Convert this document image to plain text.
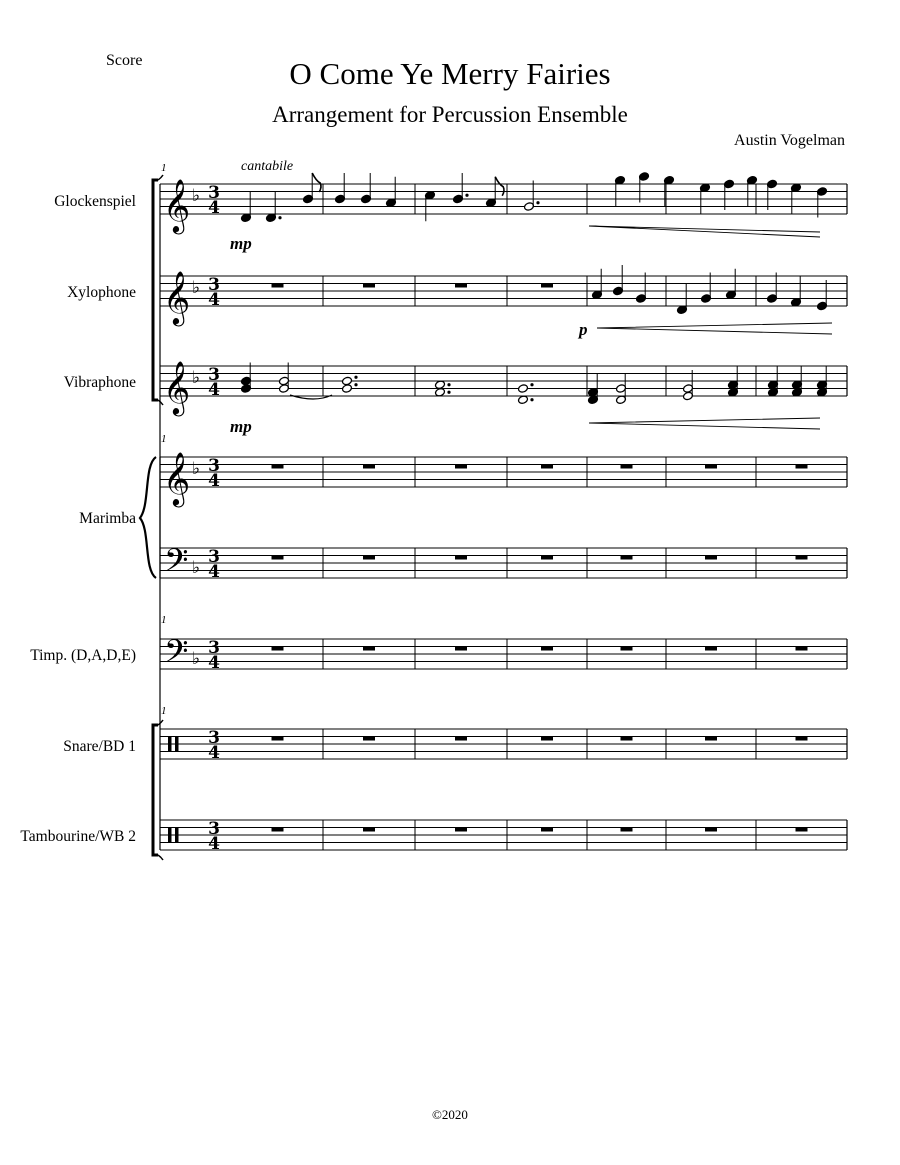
Score	O Come Ye Merry Fairies
Arrangement for Percussion Ensemble
Austin Vogelman
Glockenspiel
Xylophone
Vibraphone
Marimba
Timp. (D,A,D,E)
Snare/BD 1
Tambourine/WB 2
1
1
1
1
cantabile
mp
p
mp
𝄞 ♭ 3
4
𝄞 ♭ 3
4
𝄞 ♭ 3
4
𝄞 ♭ 3
4
𝄢 ♭
3
4
𝄢 ♭
3
4
3
4
3
4
©2020
